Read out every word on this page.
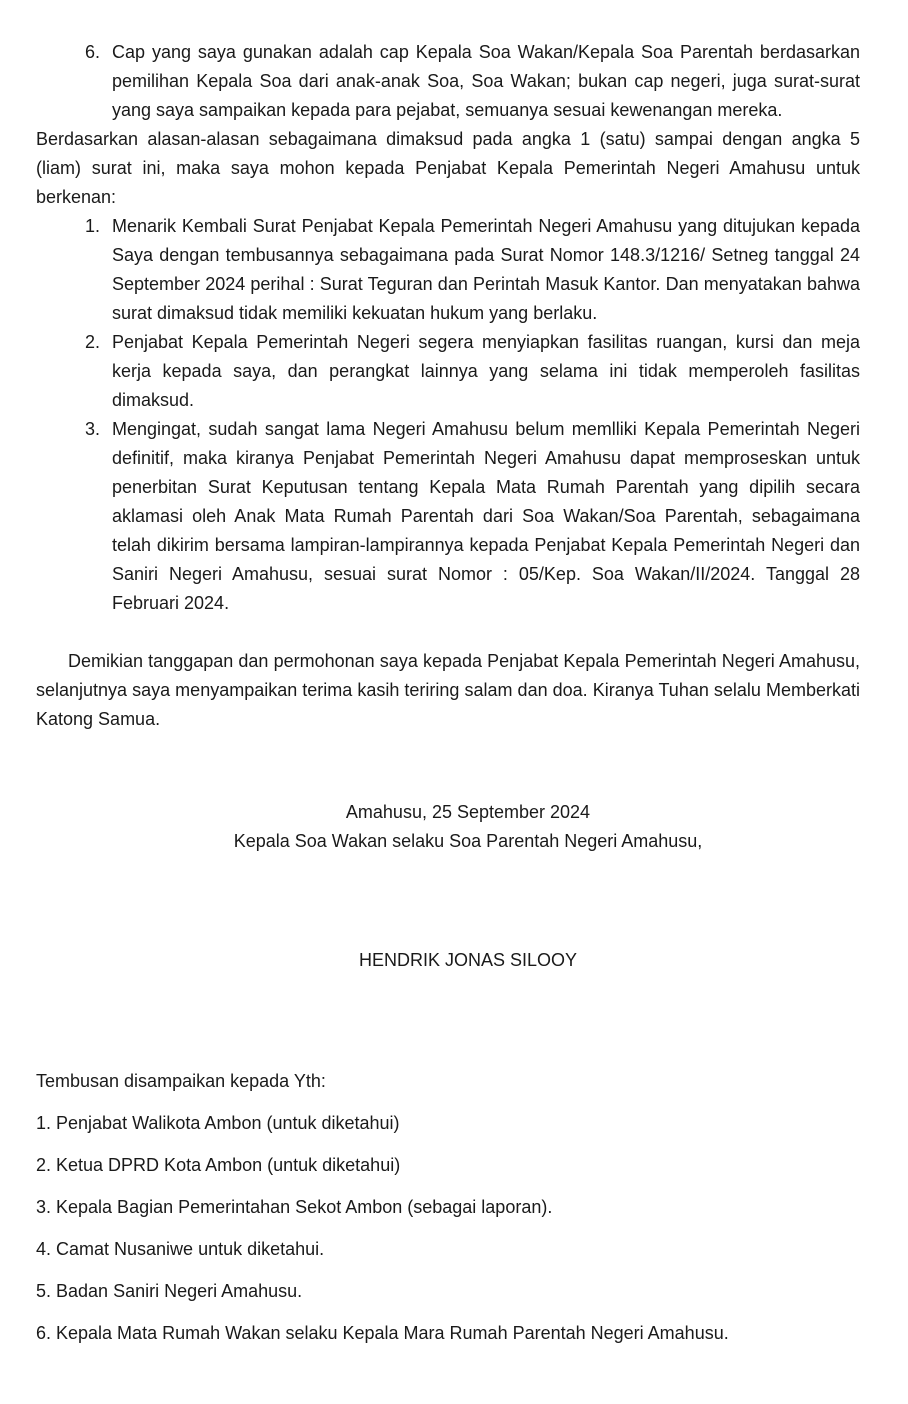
6. Cap yang saya gunakan adalah cap Kepala Soa Wakan/Kepala Soa Parentah berdasarkan pemilihan Kepala Soa dari anak-anak Soa, Soa Wakan; bukan cap negeri, juga surat-surat yang saya sampaikan kepada para pejabat, semuanya sesuai kewenangan mereka.

Berdasarkan alasan-alasan sebagaimana dimaksud pada angka 1 (satu) sampai dengan angka 5 (liam) surat ini, maka saya mohon kepada Penjabat Kepala Pemerintah Negeri Amahusu untuk berkenan:

1. Menarik Kembali Surat Penjabat Kepala Pemerintah Negeri Amahusu yang ditujukan kepada Saya dengan tembusannya sebagaimana pada Surat Nomor 148.3/1216/ Setneg tanggal 24 September 2024 perihal : Surat Teguran dan Perintah Masuk Kantor. Dan menyatakan bahwa surat dimaksud tidak memiliki kekuatan hukum yang berlaku.
2. Penjabat Kepala Pemerintah Negeri segera menyiapkan fasilitas ruangan, kursi dan meja kerja kepada saya, dan perangkat lainnya yang selama ini tidak memperoleh fasilitas dimaksud.
3. Mengingat, sudah sangat lama Negeri Amahusu belum memlliki Kepala Pemerintah Negeri definitif, maka kiranya Penjabat Pemerintah Negeri Amahusu dapat memproseskan untuk penerbitan Surat Keputusan tentang Kepala Mata Rumah Parentah yang dipilih secara aklamasi oleh Anak Mata Rumah Parentah dari Soa Wakan/Soa Parentah, sebagaimana telah dikirim bersama lampiran-lampirannya kepada Penjabat Kepala Pemerintah Negeri dan Saniri Negeri Amahusu, sesuai surat Nomor : 05/Kep. Soa Wakan/II/2024. Tanggal 28 Februari 2024.

Demikian tanggapan dan permohonan saya kepada Penjabat Kepala Pemerintah Negeri Amahusu, selanjutnya saya menyampaikan terima kasih teriring salam dan doa. Kiranya Tuhan selalu Memberkati Katong Samua.

Amahusu, 25 September 2024
Kepala Soa Wakan selaku Soa Parentah Negeri Amahusu,
HENDRIK JONAS SILOOY
Tembusan disampaikan kepada Yth:
1. Penjabat Walikota Ambon (untuk diketahui)
2. Ketua DPRD Kota Ambon (untuk diketahui)
3. Kepala Bagian Pemerintahan Sekot Ambon (sebagai laporan).
4. Camat Nusaniwe untuk diketahui.
5. Badan Saniri Negeri Amahusu.
6. Kepala Mata Rumah Wakan selaku Kepala Mara Rumah Parentah Negeri Amahusu.
